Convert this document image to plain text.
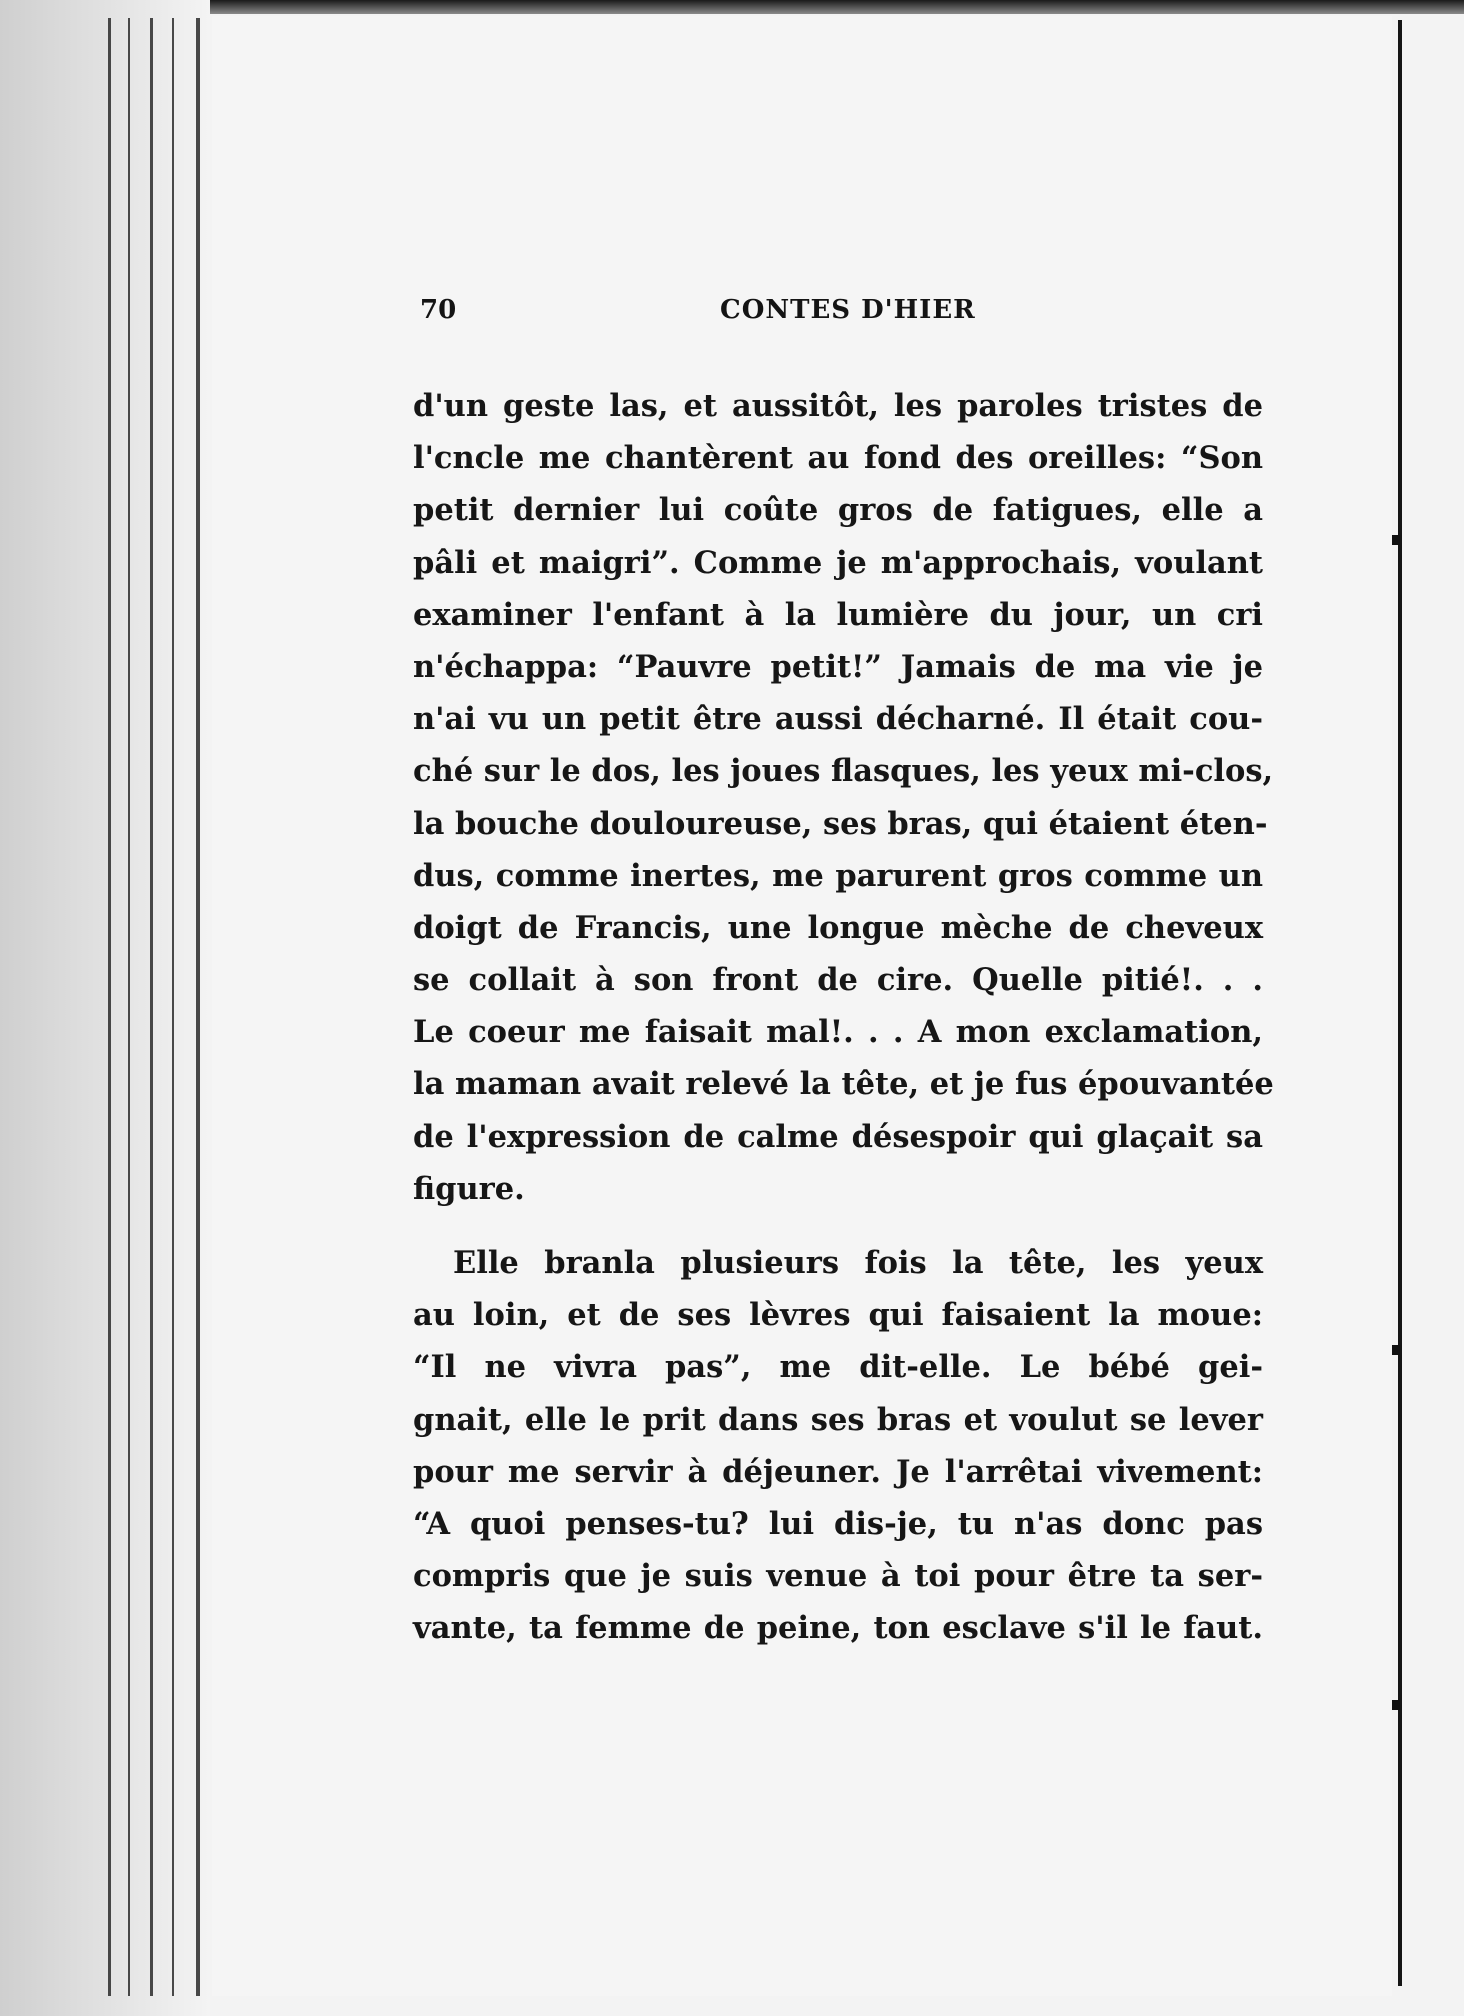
70	CONTES D'HIER
d'un geste las, et aussitôt, les paroles tristes de
l'cncle me chantèrent au fond des oreilles: “Son
petit dernier lui coûte gros de fatigues, elle a
pâli et maigri”. Comme je m'approchais, voulant
examiner l'enfant à la lumière du jour, un cri
n'échappa: “Pauvre petit!” Jamais de ma vie je
n'ai vu un petit être aussi décharné. Il était cou-
ché sur le dos, les joues flasques, les yeux mi-clos,
la bouche douloureuse, ses bras, qui étaient éten-
dus, comme inertes, me parurent gros comme un
doigt de Francis, une longue mèche de cheveux
se collait à son front de cire. Quelle pitié!. . .
Le coeur me faisait mal!. . . A mon exclamation,
la maman avait relevé la tête, et je fus épouvantée
de l'expression de calme désespoir qui glaçait sa
figure.
Elle branla plusieurs fois la tête, les yeux
au loin, et de ses lèvres qui faisaient la moue:
“Il ne vivra pas”, me dit-elle. Le bébé gei-
gnait, elle le prit dans ses bras et voulut se lever
pour me servir à déjeuner. Je l'arrêtai vivement:
“A quoi penses-tu? lui dis-je, tu n'as donc pas
compris que je suis venue à toi pour être ta ser-
vante, ta femme de peine, ton esclave s'il le faut.
